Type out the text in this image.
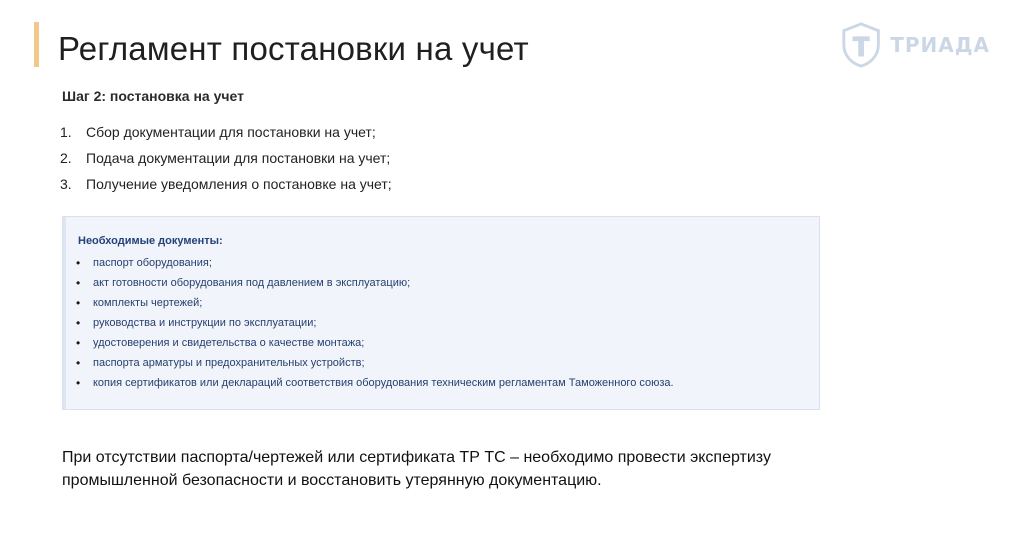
Регламент постановки на учет	ТРИАДА
Шаг 2: постановка на учет
1.	Сбор документации для постановки на учет;
2.	Подача документации для постановки на учет;
3.	Получение уведомления о постановке на учет;

Необходимые документы:

•	паспорт оборудования;
•	акт готовности оборудования под давлением в эксплуатацию;
•	комплекты чертежей;
•	руководства и инструкции по эксплуатации;
•	удостоверения и свидетельства о качестве монтажа;
•	паспорта арматуры и предохранительных устройств;
•	копия сертификатов или деклараций соответствия оборудования техническим регламентам Таможенного союза.

При отсутствии паспорта/чертежей или сертификата ТР ТС – необходимо провести экспертизу промышленной безопасности и восстановить утерянную документацию.
